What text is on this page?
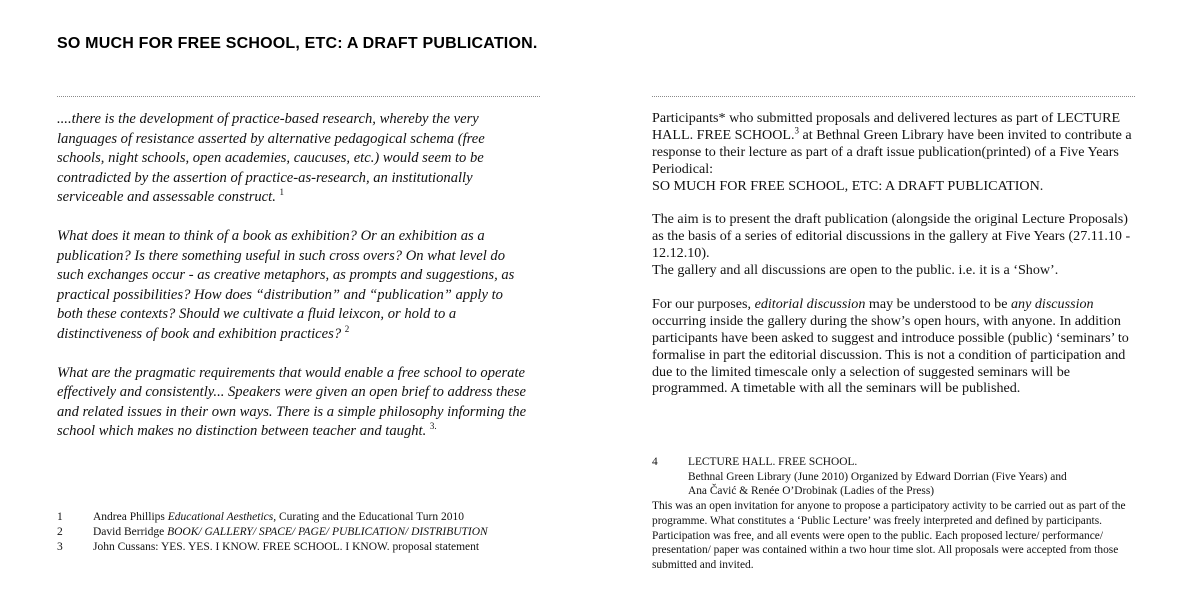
SO MUCH FOR FREE SCHOOL, ETC: A DRAFT PUBLICATION.

....there is the development of practice-based research, whereby the very languages of resistance asserted by alternative pedagogical schema (free schools, night schools, open academies, caucuses, etc.) would seem to be contradicted by the assertion of practice-as-research, an institutionally serviceable and assessable construct. $^1$

What does it mean to think of a book as exhibition? Or an exhibition as a publication? Is there something useful in such cross overs? On what level do such exchanges occur - as creative metaphors, as prompts and suggestions, as practical possibilities? How does “distribution” and “publication” apply to both these contexts? Should we cultivate a fluid leixcon, or hold to a distinctiveness of book and exhibition practices? $^2$

What are the pragmatic requirements that would enable a free school to operate effectively and consistently... Speakers were given an open brief to address these and related issues in their own ways. There is a simple philosophy informing the school which makes no distinction between teacher and taught. $^{3.}$

1	Andrea Phillips Educational Aesthetics, Curating and the Educational Turn 2010
2	David Berridge BOOK/ GALLERY/ SPACE/ PAGE/ PUBLICATION/ DISTRIBUTION
3	John Cussans: YES. YES. I KNOW. FREE SCHOOL. I KNOW. proposal statement

Participants* who submitted proposals and delivered lectures as part of LECTURE HALL. FREE SCHOOL.$^3$ at Bethnal Green Library have been invited to contribute a response to their lecture as part of a draft issue publication(printed) of a Five Years Periodical:
SO MUCH FOR FREE SCHOOL, ETC: A DRAFT PUBLICATION.

The aim is to present the draft publication (alongside the original Lecture Proposals) as the basis of a series of editorial discussions in the gallery at Five Years (27.11.10 - 12.12.10).
The gallery and all discussions are open to the public. i.e. it is a ‘Show’.

For our purposes, editorial discussion may be understood to be any discussion occurring inside the gallery during the show’s open hours, with anyone. In addition participants have been asked to suggest and introduce possible (public) ‘seminars’ to formalise in part the editorial discussion. This is not a condition of participation and due to the limited timescale only a selection of suggested seminars will be programmed. A timetable with all the seminars will be published.

4	LECTURE HALL. FREE SCHOOL.
Bethnal Green Library (June 2010) Organized by Edward Dorrian (Five Years) and
Ana Čavić & Renée O’Drobinak (Ladies of the Press)
This was an open invitation for anyone to propose a participatory activity to be carried out as part of the programme. What constitutes a ‘Public Lecture’ was freely interpreted and defined by participants. Participation was free, and all events were open to the public. Each proposed lecture/ performance/ presentation/ paper was contained within a two hour time slot. All proposals were accepted from those submitted and invited.
